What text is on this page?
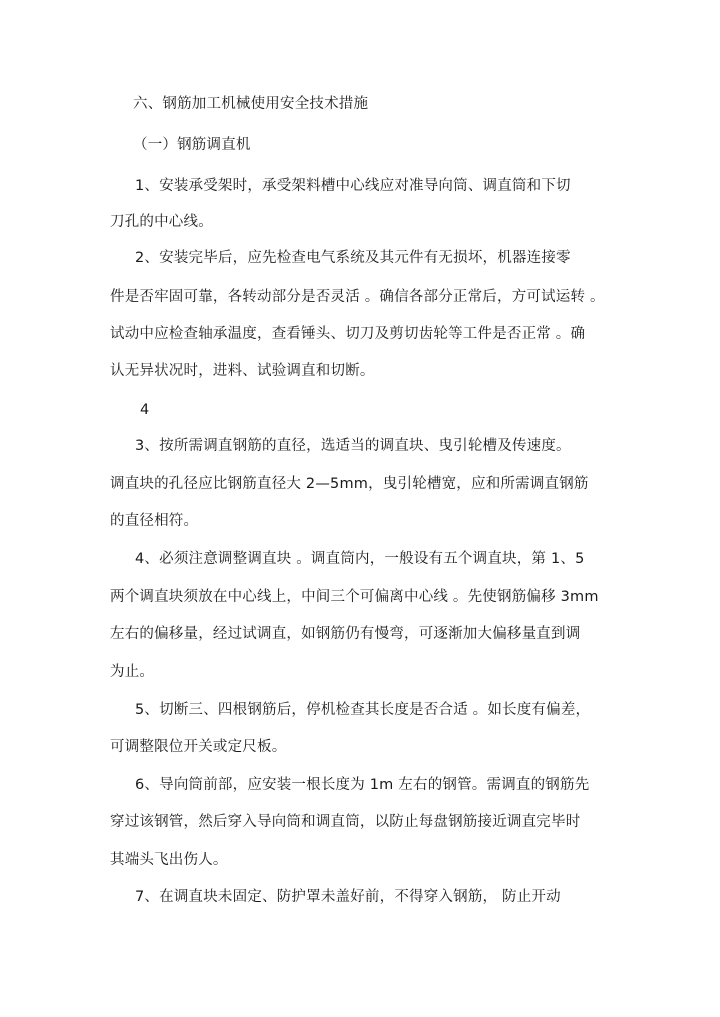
六、钢筋加工机械使用安全技术措施
（一）钢筋调直机
1、安装承受架时，承受架料槽中心线应对准导向筒、调直筒和下切
刀孔的中心线。
2、安装完毕后，应先检查电气系统及其元件有无损坏，机器连接零
件是否牢固可靠，各转动部分是否灵活 。确信各部分正常后，方可试运转 。
试动中应检查轴承温度，查看锤头、切刀及剪切齿轮等工件是否正常 。确
认无异状况时，进料、试验调直和切断。
4
3、按所需调直钢筋的直径，选适当的调直块、曳引轮槽及传速度。
调直块的孔径应比钢筋直径大 2—5mm，曳引轮槽宽，应和所需调直钢筋
的直径相符。
4、必须注意调整调直块 。调直筒内，一般设有五个调直块，第 1、5
两个调直块须放在中心线上，中间三个可偏离中心线 。先使钢筋偏移 3mm
左右的偏移量，经过试调直，如钢筋仍有慢弯，可逐渐加大偏移量直到调
为止。
5、切断三、四根钢筋后，停机检查其长度是否合适 。如长度有偏差，
可调整限位开关或定尺板。
6、导向筒前部，应安装一根长度为 1m 左右的钢管。需调直的钢筋先
穿过该钢管，然后穿入导向筒和调直筒，以防止每盘钢筋接近调直完毕时
其端头飞出伤人。
7、在调直块未固定、防护罩未盖好前，不得穿入钢筋， 防止开动
